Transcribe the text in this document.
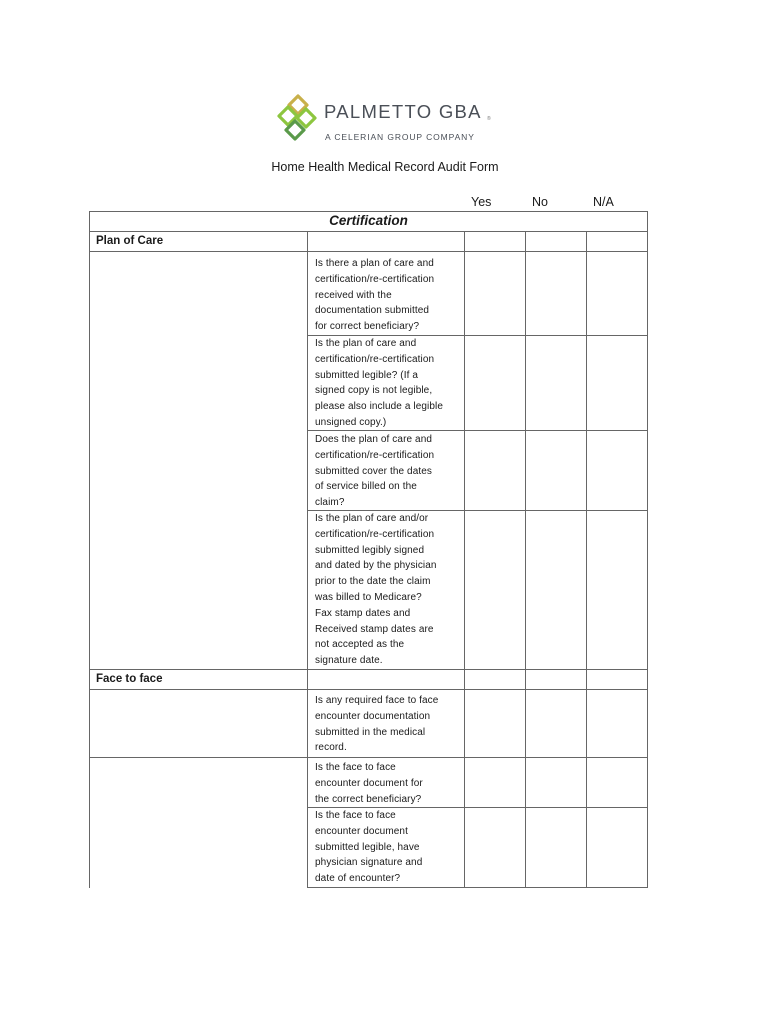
PALMETTO GBA ®
A CELERIAN GROUP COMPANY
Home Health Medical Record Audit Form
Yes	No	N/A
Certification
Plan of Care
Face to face
Is there a plan of care and
certification/re-certification
received with the
documentation submitted
for correct beneficiary?
Is the plan of care and
certification/re-certification
submitted legible? (If a
signed copy is not legible,
please also include a legible
unsigned copy.)
Does the plan of care and
certification/re-certification
submitted cover the dates
of service billed on the
claim?
Is the plan of care and/or
certification/re-certification
submitted legibly signed
and dated by the physician
prior to the date the claim
was billed to Medicare?
Fax stamp dates and
Received stamp dates are
not accepted as the
signature date.
Is any required face to face
encounter documentation
submitted in the medical
record.
Is the face to face
encounter document for
the correct beneficiary?
Is the face to face
encounter document
submitted legible, have
physician signature and
date of encounter?
